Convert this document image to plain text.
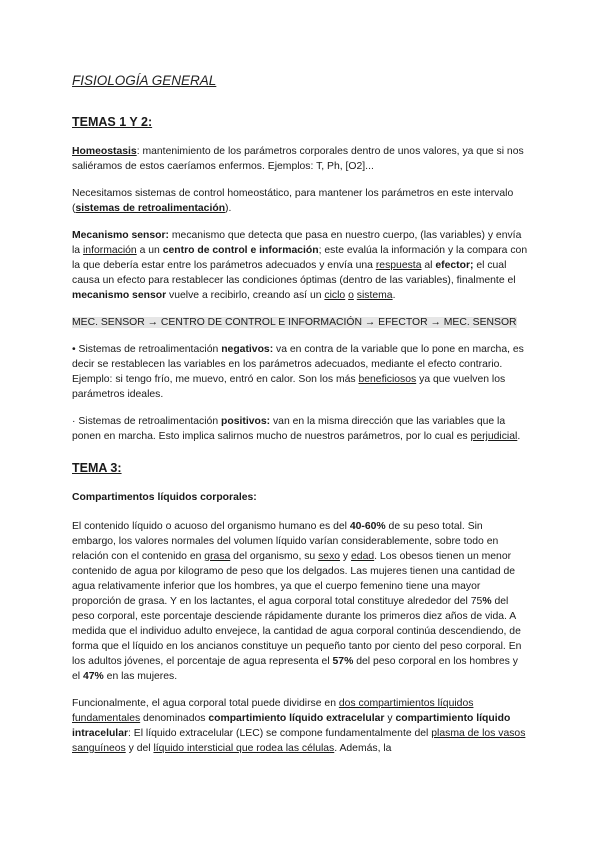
FISIOLOGÍA GENERAL
TEMAS 1 Y 2:

Homeostasis: mantenimiento de los parámetros corporales dentro de unos valores, ya que si nos saliéramos de estos caeríamos enfermos. Ejemplos: T, Ph, [O2]...

Necesitamos sistemas de control homeostático, para mantener los parámetros en este intervalo (sistemas de retroalimentación).

Mecanismo sensor: mecanismo que detecta que pasa en nuestro cuerpo, (las variables) y envía la información a un centro de control e información; este evalúa la información y la compara con la que debería estar entre los parámetros adecuados y envía una respuesta al efector; el cual causa un efecto para restablecer las condiciones óptimas (dentro de las variables), finalmente el mecanismo sensor vuelve a recibirlo, creando así un ciclo o sistema.

MEC. SENSOR → CENTRO DE CONTROL E INFORMACIÓN → EFECTOR → MEC. SENSOR

• Sistemas de retroalimentación negativos: va en contra de la variable que lo pone en marcha, es decir se restablecen las variables en los parámetros adecuados, mediante el efecto contrario. Ejemplo: si tengo frío, me muevo, entró en calor. Son los más beneficiosos ya que vuelven los parámetros ideales.

· Sistemas de retroalimentación positivos: van en la misma dirección que las variables que la ponen en marcha. Esto implica salirnos mucho de nuestros parámetros, por lo cual es perjudicial.

TEMA 3:
Compartimentos líquidos corporales:

El contenido líquido o acuoso del organismo humano es del 40-60% de su peso total. Sin embargo, los valores normales del volumen líquido varían considerablemente, sobre todo en relación con el contenido en grasa del organismo, su sexo y edad. Los obesos tienen un menor contenido de agua por kilogramo de peso que los delgados. Las mujeres tienen una cantidad de agua relativamente inferior que los hombres, ya que el cuerpo femenino tiene una mayor proporción de grasa. Y en los lactantes, el agua corporal total constituye alrededor del 75% del peso corporal, este porcentaje desciende rápidamente durante los primeros diez años de vida. A medida que el individuo adulto envejece, la cantidad de agua corporal continúa descendiendo, de forma que el líquido en los ancianos constituye un pequeño tanto por ciento del peso corporal. En los adultos jóvenes, el porcentaje de agua representa el 57% del peso corporal en los hombres y el 47% en las mujeres.

Funcionalmente, el agua corporal total puede dividirse en dos compartimientos líquidos fundamentales denominados compartimiento líquido extracelular y compartimiento líquido intracelular: El líquido extracelular (LEC) se compone fundamentalmente del plasma de los vasos sanguíneos y del líquido intersticial que rodea las células. Además, la
